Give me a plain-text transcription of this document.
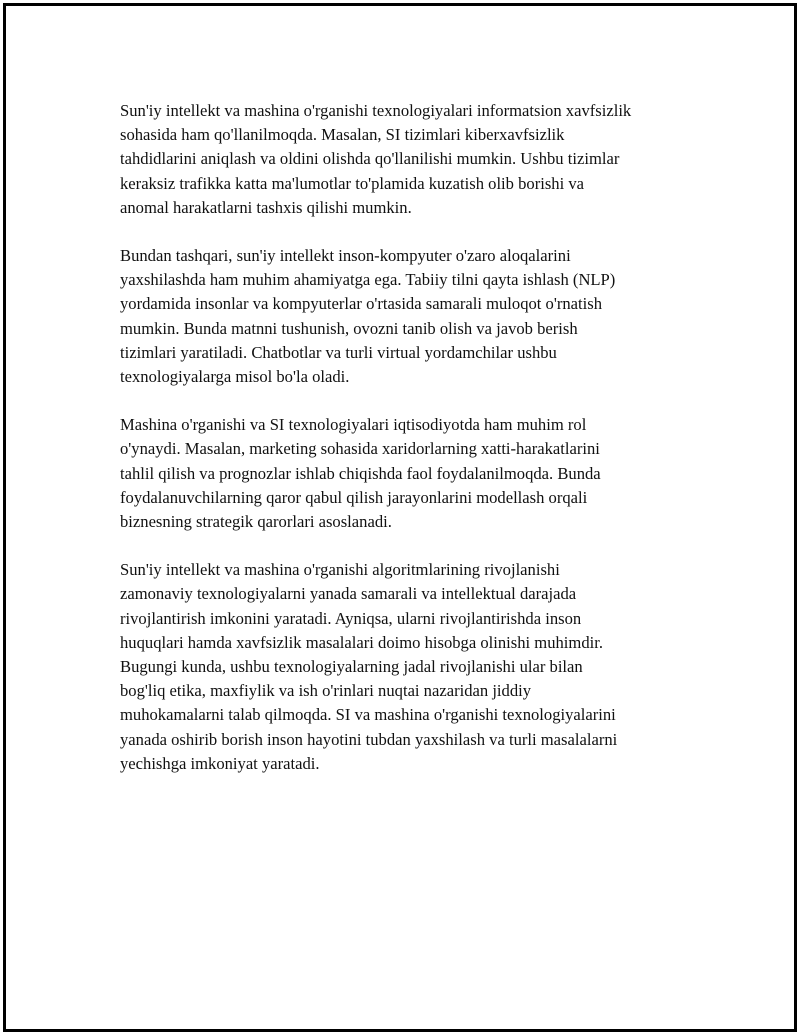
Sun'iy intellekt va mashina o'rganishi texnologiyalari informatsion xavfsizlik
sohasida ham qo'llanilmoqda. Masalan, SI tizimlari kiberxavfsizlik
tahdidlarini aniqlash va oldini olishda qo'llanilishi mumkin. Ushbu tizimlar
keraksiz trafikka katta ma'lumotlar to'plamida kuzatish olib borishi va
anomal harakatlarni tashxis qilishi mumkin.

Bundan tashqari, sun'iy intellekt inson-kompyuter o'zaro aloqalarini
yaxshilashda ham muhim ahamiyatga ega. Tabiiy tilni qayta ishlash (NLP)
yordamida insonlar va kompyuterlar o'rtasida samarali muloqot o'rnatish
mumkin. Bunda matnni tushunish, ovozni tanib olish va javob berish
tizimlari yaratiladi. Chatbotlar va turli virtual yordamchilar ushbu
texnologiyalarga misol bo'la oladi.

Mashina o'rganishi va SI texnologiyalari iqtisodiyotda ham muhim rol
o'ynaydi. Masalan, marketing sohasida xaridorlarning xatti-harakatlarini
tahlil qilish va prognozlar ishlab chiqishda faol foydalanilmoqda. Bunda
foydalanuvchilarning qaror qabul qilish jarayonlarini modellash orqali
biznesning strategik qarorlari asoslanadi.

Sun'iy intellekt va mashina o'rganishi algoritmlarining rivojlanishi
zamonaviy texnologiyalarni yanada samarali va intellektual darajada
rivojlantirish imkonini yaratadi. Ayniqsa, ularni rivojlantirishda inson
huquqlari hamda xavfsizlik masalalari doimo hisobga olinishi muhimdir.
Bugungi kunda, ushbu texnologiyalarning jadal rivojlanishi ular bilan
bog'liq etika, maxfiylik va ish o'rinlari nuqtai nazaridan jiddiy
muhokamalarni talab qilmoqda. SI va mashina o'rganishi texnologiyalarini
yanada oshirib borish inson hayotini tubdan yaxshilash va turli masalalarni
yechishga imkoniyat yaratadi.
